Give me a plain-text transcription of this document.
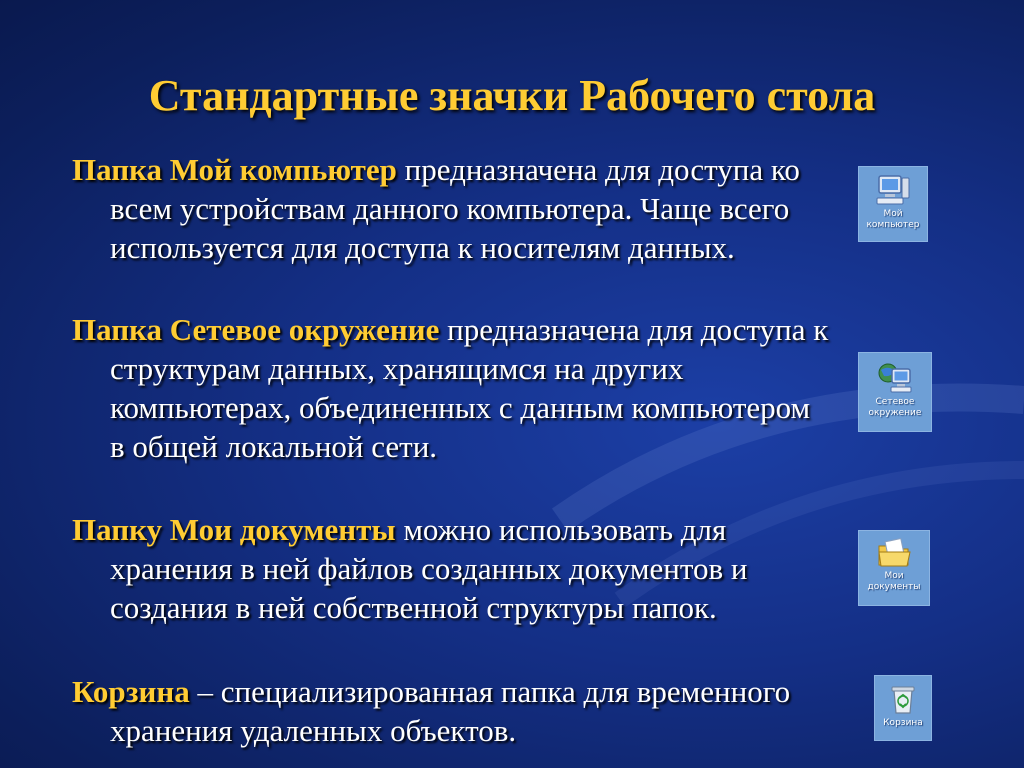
Стандартные значки Рабочего стола
Папка Мой компьютер предназначена для доступа ко всем устройствам данного компьютера. Чаще всего используется для доступа к носителям данных.
Папка Сетевое окружение предназначена для доступа к структурам данных, хранящимся на других компьютерах, объединенных с данным компьютером в общей локальной сети.
Папку Мои документы можно использовать для хранения в ней файлов созданных документов и создания в ней собственной структуры папок.
Корзина – специализированная папка для временного хранения удаленных объектов.
Мой
компьютер
Сетевое
окружение
Мои
документы
Корзина
